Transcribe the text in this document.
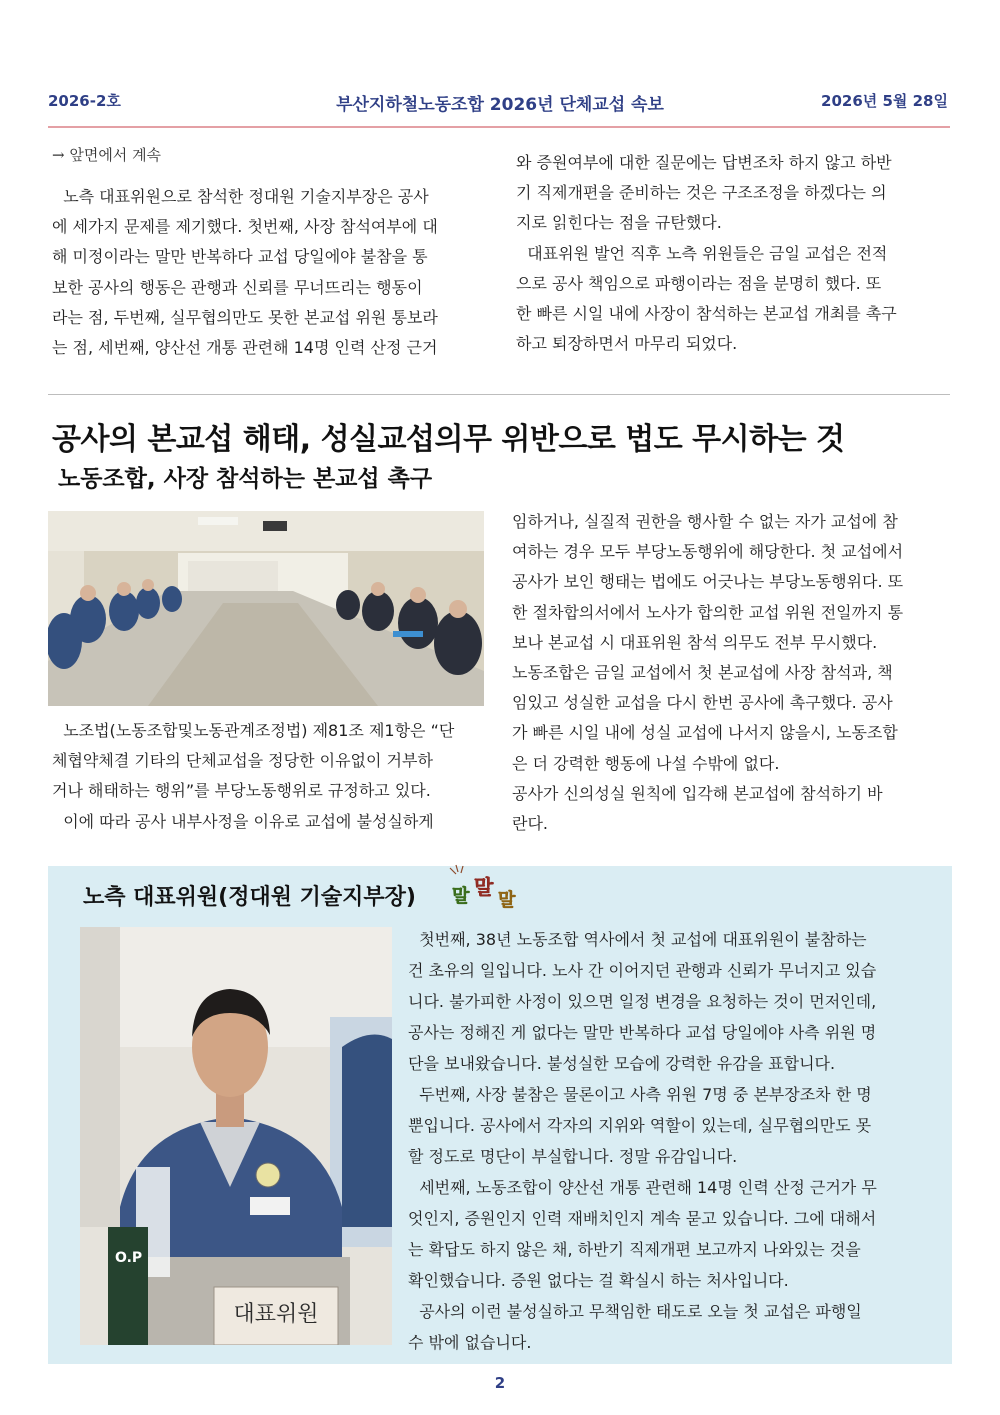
2026-2호	부산지하철노동조합 2026년 단체교섭 속보	2026년 5월 28일
→ 앞면에서 계속

노측 대표위원으로 참석한 정대원 기술지부장은 공사

에 세가지 문제를 제기했다. 첫번째, 사장 참석여부에 대

해 미정이라는 말만 반복하다 교섭 당일에야 불참을 통

보한 공사의 행동은 관행과 신뢰를 무너뜨리는 행동이

라는 점, 두번째, 실무협의만도 못한 본교섭 위원 통보라

는 점, 세번째, 양산선 개통 관련해 14명 인력 산정 근거

와 증원여부에 대한 질문에는 답변조차 하지 않고 하반

기 직제개편을 준비하는 것은 구조조정을 하겠다는 의

지로 읽힌다는 점을 규탄했다.

대표위원 발언 직후 노측 위원들은 금일 교섭은 전적

으로 공사 책임으로 파행이라는 점을 분명히 했다. 또

한 빠른 시일 내에 사장이 참석하는 본교섭 개최를 촉구

하고 퇴장하면서 마무리 되었다.

공사의 본교섭 해태, 성실교섭의무 위반으로 법도 무시하는 것
노동조합, 사장 참석하는 본교섭 촉구

노조법(노동조합및노동관계조정법) 제81조 제1항은 “단

체협약체결 기타의 단체교섭을 정당한 이유없이 거부하

거나 해태하는 행위”를 부당노동행위로 규정하고 있다.

이에 따라 공사 내부사정을 이유로 교섭에 불성실하게

임하거나, 실질적 권한을 행사할 수 없는 자가 교섭에 참

여하는 경우 모두 부당노동행위에 해당한다. 첫 교섭에서

공사가 보인 행태는 법에도 어긋나는 부당노동행위다. 또

한 절차합의서에서 노사가 합의한 교섭 위원 전일까지 통

보나 본교섭 시 대표위원 참석 의무도 전부 무시했다.

노동조합은 금일 교섭에서 첫 본교섭에 사장 참석과, 책

임있고 성실한 교섭을 다시 한번 공사에 촉구했다. 공사

가 빠른 시일 내에 성실 교섭에 나서지 않을시, 노동조합

은 더 강력한 행동에 나설 수밖에 없다.

공사가 신의성실 원칙에 입각해 본교섭에 참석하기 바

란다.

노측 대표위원(정대원 기술지부장) 말 말
말
O.P
대표위원

첫번째, 38년 노동조합 역사에서 첫 교섭에 대표위원이 불참하는

건 초유의 일입니다. 노사 간 이어지던 관행과 신뢰가 무너지고 있습

니다. 불가피한 사정이 있으면 일정 변경을 요청하는 것이 먼저인데,

공사는 정해진 게 없다는 말만 반복하다 교섭 당일에야 사측 위원 명

단을 보내왔습니다. 불성실한 모습에 강력한 유감을 표합니다.

두번째, 사장 불참은 물론이고 사측 위원 7명 중 본부장조차 한 명

뿐입니다. 공사에서 각자의 지위와 역할이 있는데, 실무협의만도 못

할 정도로 명단이 부실합니다. 정말 유감입니다.

세번째, 노동조합이 양산선 개통 관련해 14명 인력 산정 근거가 무

엇인지, 증원인지 인력 재배치인지 계속 묻고 있습니다. 그에 대해서

는 확답도 하지 않은 채, 하반기 직제개편 보고까지 나와있는 것을

확인했습니다. 증원 없다는 걸 확실시 하는 처사입니다.

공사의 이런 불성실하고 무책임한 태도로 오늘 첫 교섭은 파행일

수 밖에 없습니다.

2
